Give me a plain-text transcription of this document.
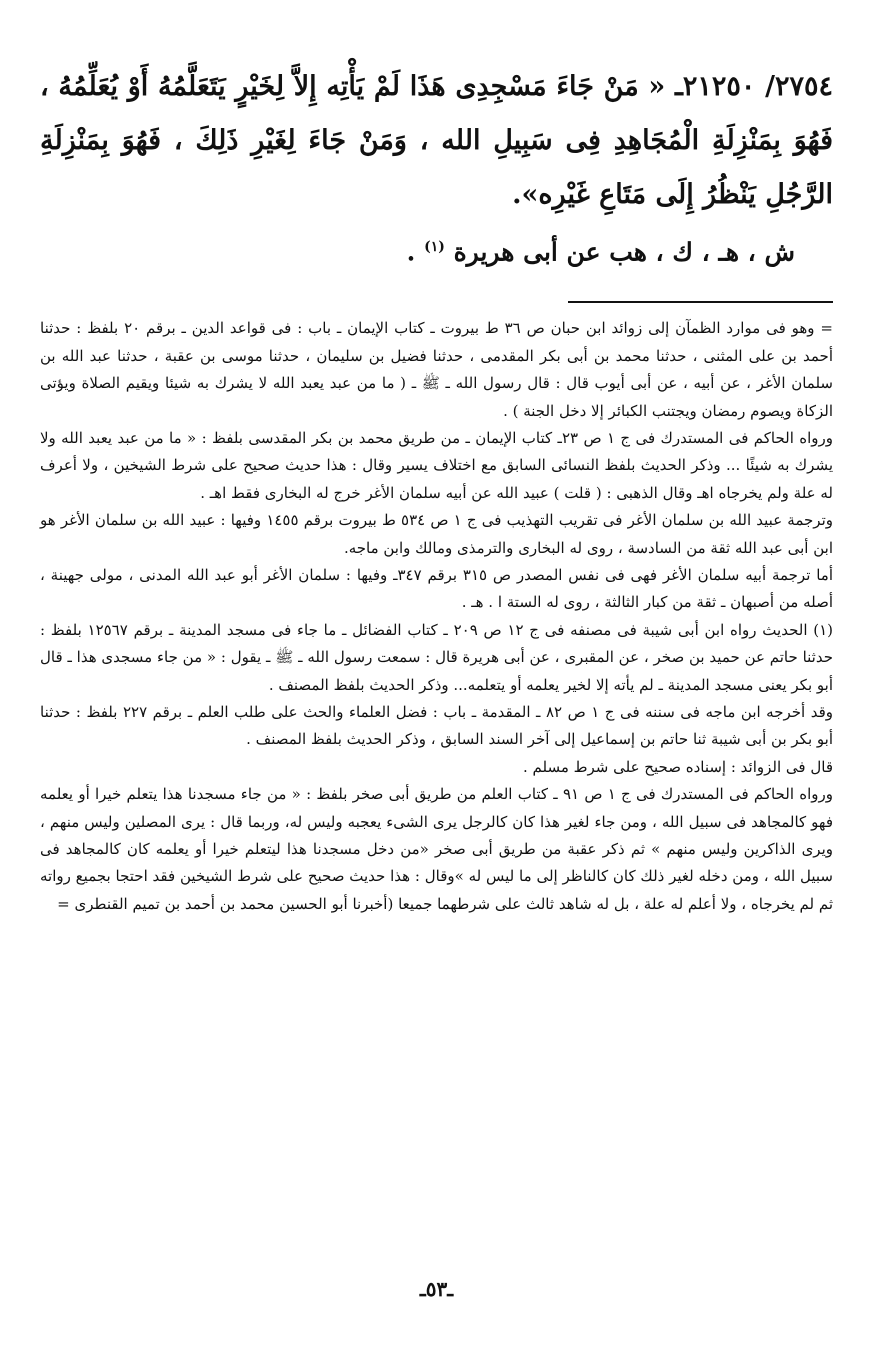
٢٧٥٤/ ٢١٢٥٠ـ « مَنْ جَاءَ مَسْجِدِى هَذَا لَمْ يَأْتِه إِلاَّ لِخَيْرٍ يَتَعَلَّمُهُ أَوْ يُعَلِّمُهُ ، فَهُوَ بِمَنْزِلَةِ الْمُجَاهِدِ فِى سَبِيلِ الله ، وَمَنْ جَاءَ لِغَيْرِ ذَلِكَ ، فَهُوَ بِمَنْزِلَةِ الرَّجُلِ يَنْظُرُ إِلَى مَتَاعِ غَيْرِه».

ش ، هـ ، ك ، هب عن أبى هريرة $^{(١)}$ .

= وهو فى موارد الظمآن إلى زوائد ابن حبان ص ٣٦ ط بيروت ـ كتاب الإيمان ـ باب : فى قواعد الدين ـ برقم ٢٠ بلفظ : حدثنا أحمد بن على المثنى ، حدثنا محمد بن أبى بكر المقدمى ، حدثنا فضيل بن سليمان ، حدثنا موسى بن عقبة ، حدثنا عبد الله بن سلمان الأغر ، عن أبيه ، عن أبى أيوب قال : قال رسول الله ـ ﷺ ـ ( ما من عبد يعبد الله لا يشرك به شيئا ويقيم الصلاة ويؤتى الزكاة ويصوم رمضان ويجتنب الكبائر إلا دخل الجنة ) .

ورواه الحاكم فى المستدرك فى ج ١ ص ٢٣ـ كتاب الإيمان ـ من طريق محمد بن بكر المقدسى بلفظ : « ما من عبد يعبد الله ولا يشرك به شيئًا ... وذكر الحديث بلفظ النسائى السابق مع اختلاف يسير وقال : هذا حديث صحيح على شرط الشيخين ، ولا أعرف له علة ولم يخرجاه اهـ وقال الذهبى : ( قلت ) عبيد الله عن أبيه سلمان الأغر خرج له البخارى فقط اهـ .

وترجمة عبيد الله بن سلمان الأغر فى تقريب التهذيب فى ج ١ ص ٥٣٤ ط بيروت برقم ١٤٥٥ وفيها : عبيد الله بن سلمان الأغر هو ابن أبى عبد الله ثقة من السادسة ، روى له البخارى والترمذى ومالك وابن ماجه.

أما ترجمة أبيه سلمان الأغر فهى فى نفس المصدر ص ٣١٥ برقم ٣٤٧ـ وفيها : سلمان الأغر أبو عبد الله المدنى ، مولى جهينة ، أصله من أصبهان ـ ثقة من كبار الثالثة ، روى له الستة ا . هـ .

(١) الحديث رواه ابن أبى شيبة فى مصنفه فى ج ١٢ ص ٢٠٩ ـ كتاب الفضائل ـ ما جاء فى مسجد المدينة ـ برقم ١٢٥٦٧ بلفظ : حدثنا حاتم عن حميد بن صخر ، عن المقبرى ، عن أبى هريرة قال : سمعت رسول الله ـ ﷺ ـ يقول : « من جاء مسجدى هذا ـ قال أبو بكر يعنى مسجد المدينة ـ لم يأته إلا لخير يعلمه أو يتعلمه... وذكر الحديث بلفظ المصنف .

وقد أخرجه ابن ماجه فى سننه فى ج ١ ص ٨٢ ـ المقدمة ـ باب : فضل العلماء والحث على طلب العلم ـ برقم ٢٢٧ بلفظ : حدثنا أبو بكر بن أبى شيبة ثنا حاتم بن إسماعيل إلى آخر السند السابق ، وذكر الحديث بلفظ المصنف .

قال فى الزوائد : إسناده صحيح على شرط مسلم .

ورواه الحاكم فى المستدرك فى ج ١ ص ٩١ ـ كتاب العلم من طريق أبى صخر بلفظ : « من جاء مسجدنا هذا يتعلم خيرا أو يعلمه فهو كالمجاهد فى سبيل الله ، ومن جاء لغير هذا كان كالرجل يرى الشىء يعجبه وليس له، وربما قال : يرى المصلين وليس منهم ، ويرى الذاكرين وليس منهم » ثم ذكر عقبة من طريق أبى صخر «من دخل مسجدنا هذا ليتعلم خيرا أو يعلمه كان كالمجاهد فى سبيل الله ، ومن دخله لغير ذلك كان كالناظر إلى ما ليس له »وقال : هذا حديث صحيح على شرط الشيخين فقد احتجا بجميع رواته ثم لم يخرجاه ، ولا أعلم له علة ، بل له شاهد ثالث على شرطهما جميعا (أخبرنا أبو الحسين محمد بن أحمد بن تميم القنطرى =

ـ٥٣ـ
